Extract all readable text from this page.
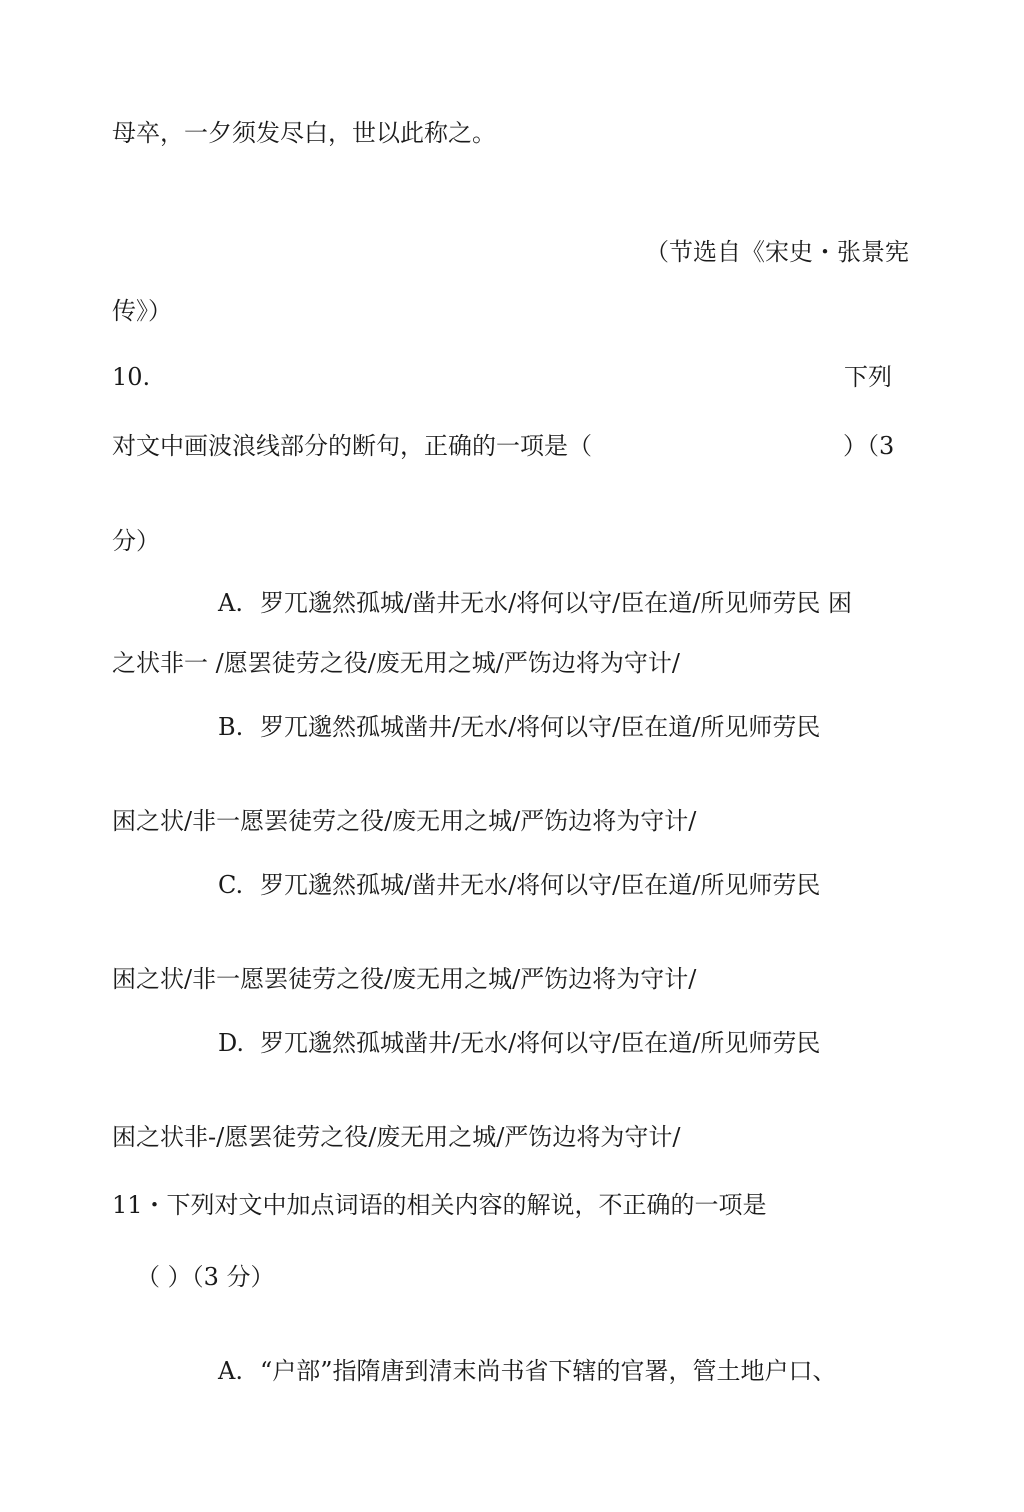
母卒，一夕须发尽白，世以此称之。

（节选自《宋史・张景宪

传》）

10.	下列

对文中画波浪线部分的断句，正确的一项是（	）（3

分）

A. 罗兀邈然孤城/凿井无水/将何以守/臣在道/所见师劳民 困

之状非一 /愿罢徒劳之役/废无用之城/严饬边将为守计/

B. 罗兀邈然孤城凿井/无水/将何以守/臣在道/所见师劳民

困之状/非一愿罢徒劳之役/废无用之城/严饬边将为守计/

C. 罗兀邈然孤城/凿井无水/将何以守/臣在道/所见师劳民

困之状/非一愿罢徒劳之役/废无用之城/严饬边将为守计/

D. 罗兀邈然孤城凿井/无水/将何以守/臣在道/所见师劳民

困之状非-/愿罢徒劳之役/废无用之城/严饬边将为守计/

11・下列对文中加点词语的相关内容的解说，不正确的一项是

（ ）（3 分）

A. “户部”指隋唐到清末尚书省下辖的官署，管土地户口、
